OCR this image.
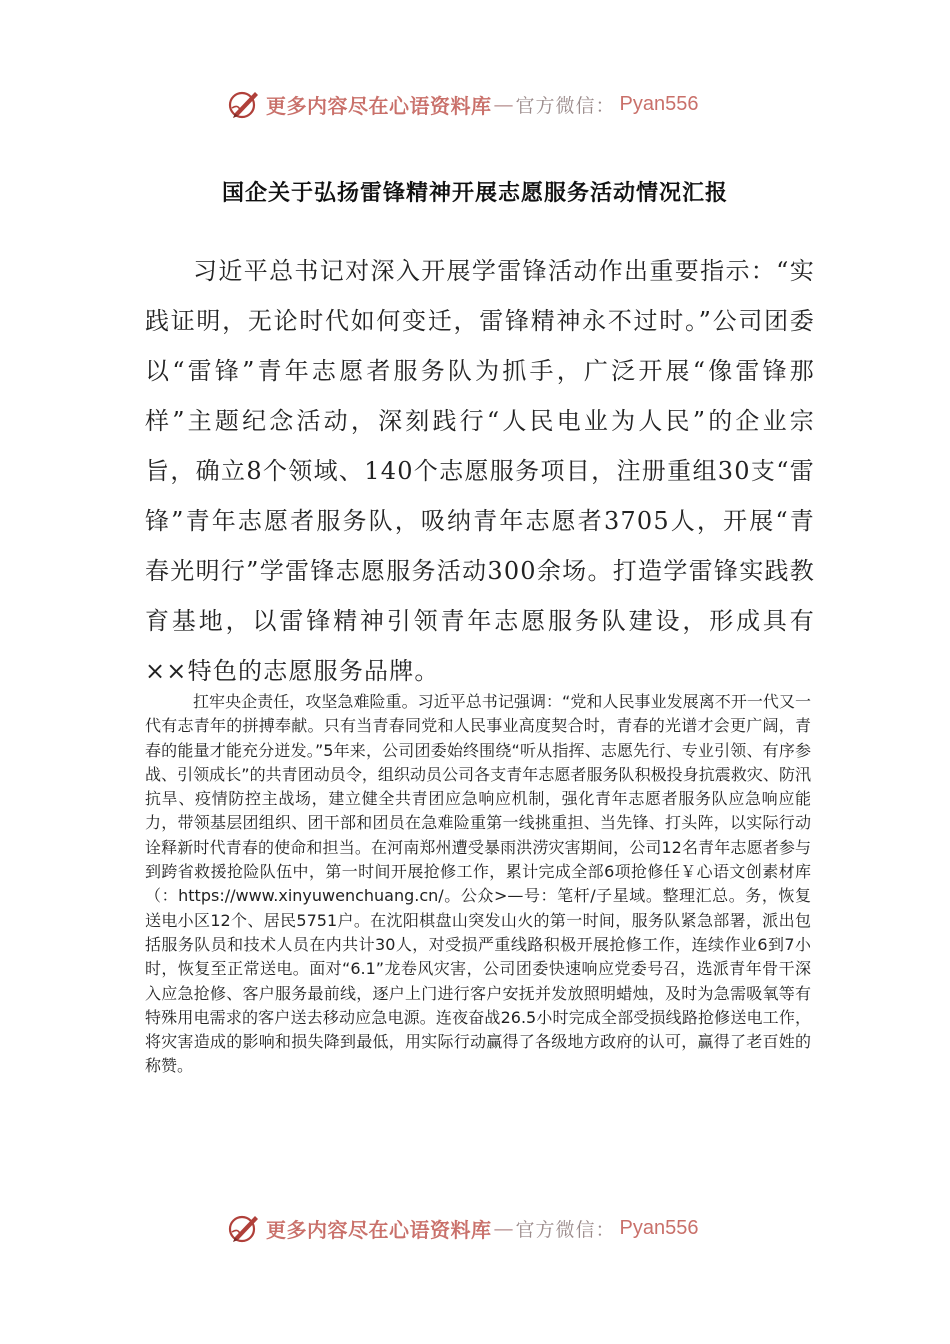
更多内容尽在心语资料库 — 官方微信： Pyan556
国企关于弘扬雷锋精神开展志愿服务活动情况汇报

习近平总书记对深入开展学雷锋活动作出重要指示：“实践证明，无论时代如何变迁，雷锋精神永不过时。”公司团委以“雷锋”青年志愿者服务队为抓手，广泛开展“像雷锋那样”主题纪念活动，深刻践行“人民电业为人民”的企业宗旨，确立8个领域、140个志愿服务项目，注册重组30支“雷锋”青年志愿者服务队，吸纳青年志愿者3705人，开展“青春光明行”学雷锋志愿服务活动300余场。打造学雷锋实践教育基地，以雷锋精神引领青年志愿服务队建设，形成具有××特色的志愿服务品牌。

扛牢央企责任，攻坚急难险重。习近平总书记强调：“党和人民事业发展离不开一代又一代有志青年的拼搏奉献。只有当青春同党和人民事业高度契合时，青春的光谱才会更广阔，青春的能量才能充分迸发。”5年来，公司团委始终围绕“听从指挥、志愿先行、专业引领、有序参战、引领成长”的共青团动员令，组织动员公司各支青年志愿者服务队积极投身抗震救灾、防汛抗旱、疫情防控主战场，建立健全共青团应急响应机制，强化青年志愿者服务队应急响应能力，带领基层团组织、团干部和团员在急难险重第一线挑重担、当先锋、打头阵，以实际行动诠释新时代青春的使命和担当。在河南郑州遭受暴雨洪涝灾害期间，公司12名青年志愿者参与到跨省救援抢险队伍中，第一时间开展抢修工作，累计完成全部6项抢修任￥心语文创素材库（：https://www.xinyuwenchuang.cn/。公众>—号：笔杆/子星域。整理汇总。务，恢复送电小区12个、居民5751户。在沈阳棋盘山突发山火的第一时间，服务队紧急部署，派出包括服务队员和技术人员在内共计30人，对受损严重线路积极开展抢修工作，连续作业6到7小时，恢复至正常送电。面对“6.1”龙卷风灾害，公司团委快速响应党委号召，选派青年骨干深入应急抢修、客户服务最前线，逐户上门进行客户安抚并发放照明蜡烛，及时为急需吸氧等有特殊用电需求的客户送去移动应急电源。连夜奋战26.5小时完成全部受损线路抢修送电工作，将灾害造成的影响和损失降到最低，用实际行动赢得了各级地方政府的认可，赢得了老百姓的称赞。

更多内容尽在心语资料库 — 官方微信： Pyan556
